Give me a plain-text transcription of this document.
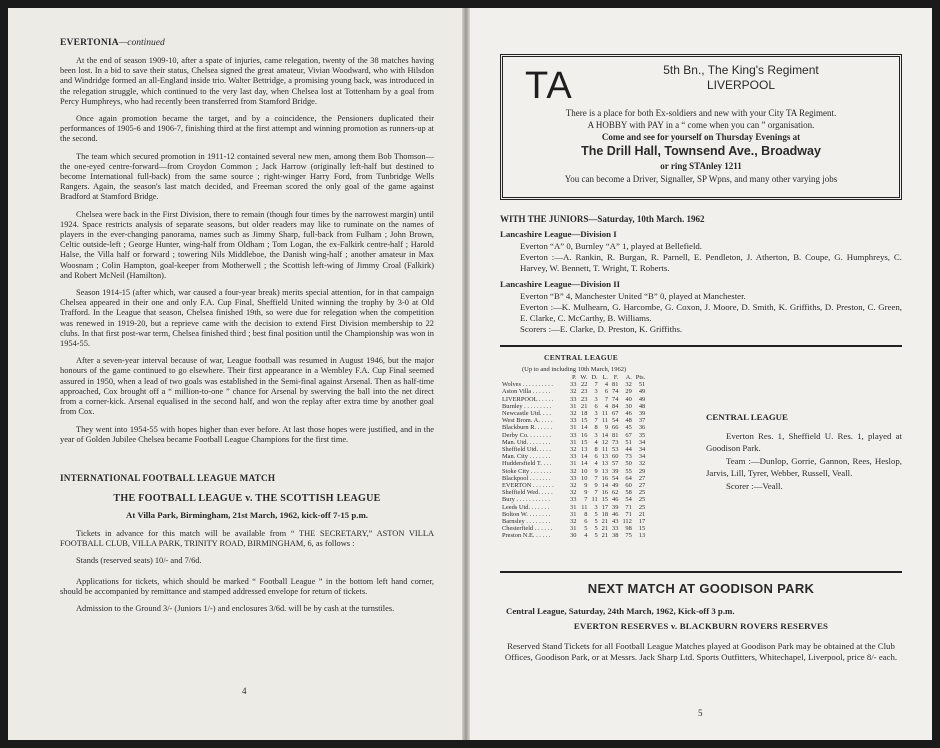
EVERTONIA—continued

At the end of season 1909-10, after a spate of injuries, came relegation, twenty of the 38 matches having been lost. In a bid to save their status, Chelsea signed the great amateur, Vivian Woodward, who with Hilsdon and Windridge formed an all-England inside trio. Walter Bettridge, a promising young back, was introduced in the relegation struggle, which continued to the very last day, when Chelsea lost at Tottenham by a goal from Percy Humphreys, who had recently been transferred from Stamford Bridge.

Once again promotion became the target, and by a coincidence, the Pensioners duplicated their performances of 1905-6 and 1906-7, finishing third at the first attempt and winning promotion as runners-up at the second.

The team which secured promotion in 1911-12 contained several new men, among them Bob Thomson—the one-eyed centre-forward—from Croydon Common ; Jack Harrow (originally left-half but destined to become International full-back) from the same source ; right-winger Harry Ford, from Tunbridge Wells Rangers. Again, the season's last match decided, and Freeman scored the only goal of the game against Bradford at Stamford Bridge.

Chelsea were back in the First Division, there to remain (though four times by the narrowest margin) until 1924. Space restricts analysis of separate seasons, but older readers may like to ruminate on the names of players in the ever-changing panorama, names such as Jimmy Sharp, full-back from Fulham ; John Brown, Celtic outside-left ; George Hunter, wing-half from Oldham ; Tom Logan, the ex-Falkirk centre-half ; Harold Halse, the Villa half or forward ; towering Nils Middleboe, the Danish wing-half ; another amateur in Max Woosnam ; Colin Hampton, goal-keeper from Motherwell ; the Scottish left-wing of Jimmy Croal (Falkirk) and Robert McNeil (Hamilton).

Season 1914-15 (after which, war caused a four-year break) merits special attention, for in that campaign Chelsea appeared in their one and only F.A. Cup Final, Sheffield United winning the trophy by 3-0 at Old Trafford. In the League that season, Chelsea finished 19th, so were due for relegation when the competition was renewed in 1919-20, but a reprieve came with the decision to extend First Division membership to 22 clubs. In that first post-war term, Chelsea finished third ; best final position until the Championship was won in 1954-55.

After a seven-year interval because of war, League football was resumed in August 1946, but the major honours of the game continued to go elsewhere. Their first appearance in a Wembley F.A. Cup Final seemed assured in 1950, when a lead of two goals was established in the Semi-final against Arsenal. Then as half-time approached, Cox brought off a “ million-to-one ” chance for Arsenal by swerving the ball into the net direct from a corner-kick. Arsenal equalised in the second half, and won the replay after extra time by another goal from Cox.

They went into 1954-55 with hopes higher than ever before. At last those hopes were justified, and in the year of Golden Jubilee Chelsea became Football League Champions for the first time.

INTERNATIONAL FOOTBALL LEAGUE MATCH
THE FOOTBALL LEAGUE v. THE SCOTTISH LEAGUE
At Villa Park, Birmingham, 21st March, 1962, kick-off 7-15 p.m.

Tickets in advance for this match will be available from “ THE SECRETARY,” ASTON VILLA FOOTBALL CLUB, VILLA PARK, TRINITY ROAD, BIRMINGHAM, 6, as follows :

Stands (reserved seats) 10/- and 7/6d.

Applications for tickets, which should be marked “ Football League ” in the bottom left hand corner, should be accompanied by remittance and stamped addressed envelope for return of tickets.

Admission to the Ground 3/- (Juniors 1/-) and enclosures 3/6d. will be by cash at the turnstiles.

4
TA	5th Bn., The King's Regiment
LIVERPOOL
There is a place for both Ex-soldiers and new with your City TA Regiment.
A HOBBY with PAY in a “ come when you can ” organisation.
Come and see for yourself on Thursday Evenings at
The Drill Hall, Townsend Ave., Broadway
or ring STAnley 1211
You can become a Driver, Signaller, SP Wpns, and many other varying jobs
WITH THE JUNIORS—Saturday, 10th March. 1962
Lancashire League—Division I
Everton “A” 0, Burnley “A” 1, played at Bellefield.
Everton :—A. Rankin, R. Burgan, R. Parnell, E. Pendleton, J. Atherton, B. Coupe, G. Humphreys, C. Harvey, W. Bennett, T. Wright, T. Roberts.
Lancashire League—Division II
Everton “B” 4, Manchester United “B” 0, played at Manchester.
Everton :—K. Mulhearn, G. Harcombe, G. Coxon, J. Moore, D. Smith, K. Griffiths, D. Preston, C. Green, E. Clarke, C. McCarthy, B. Williams.
Scorers :—E. Clarke, D. Preston, K. Griffiths.
CENTRAL LEAGUE
(Up to and including 10th March, 1962)
	P.	W.	D.	L.	F.	A.	Pts.
Wolves . . . . . . . . . .	33	22	7	4	81	32	51
Aston Villa . . . . . .	32	23	3	6	74	29	49
LIVERPOOL . . . . .	33	23	3	7	74	40	49
Burnley . . . . . . . . .	31	21	6	4	84	30	48
Newcastle Utd. . . .	32	18	3	11	67	46	39
West Brom. A. . . . .	33	15	7	11	54	48	37
Blackburn R. . . . . .	31	14	8	9	66	45	36
Derby Co. . . . . . . .	33	16	3	14	81	67	35
Man. Utd. . . . . . . .	31	15	4	12	73	51	34
Sheffield Utd. . . . .	32	13	8	11	53	44	34
Man. City . . . . . . .	33	14	6	13	60	73	34
Huddersfield T. . . .	31	14	4	13	57	50	32
Stoke City . . . . . . .	32	10	9	13	39	55	29
Blackpool . . . . . . .	33	10	7	16	54	64	27
EVERTON . . . . . . .	32	9	9	14	49	60	27
Sheffield Wed. . . . .	32	9	7	16	62	58	25
Bury . . . . . . . . . . .	33	7	11	15	46	54	25
Leeds Utd. . . . . . .	31	11	3	17	39	71	25
Bolton W. . . . . . . .	31	8	5	18	46	71	21
Barnsley . . . . . . . .	32	6	5	21	43	112	17
Chesterfield . . . . . .	31	5	5	21	33	98	15
Preston N.E. . . . . .	30	4	5	21	38	75	13
CENTRAL LEAGUE
Everton Res. 1, Sheffield U. Res. 1, played at Goodison Park.
Team :—Dunlop, Gorrie, Gannon, Rees, Heslop, Jarvis, Lill, Tyrer, Webber, Russell, Veall.
Scorer :—Veall.
NEXT MATCH AT GOODISON PARK
Central League, Saturday, 24th March, 1962, Kick-off 3 p.m.
EVERTON RESERVES v. BLACKBURN ROVERS RESERVES
Reserved Stand Tickets for all Football League Matches played at Goodison Park may be obtained at the Club Offices, Goodison Park, or at Messrs. Jack Sharp Ltd. Sports Outfitters, Whitechapel, Liverpool, price 8/- each.
5
